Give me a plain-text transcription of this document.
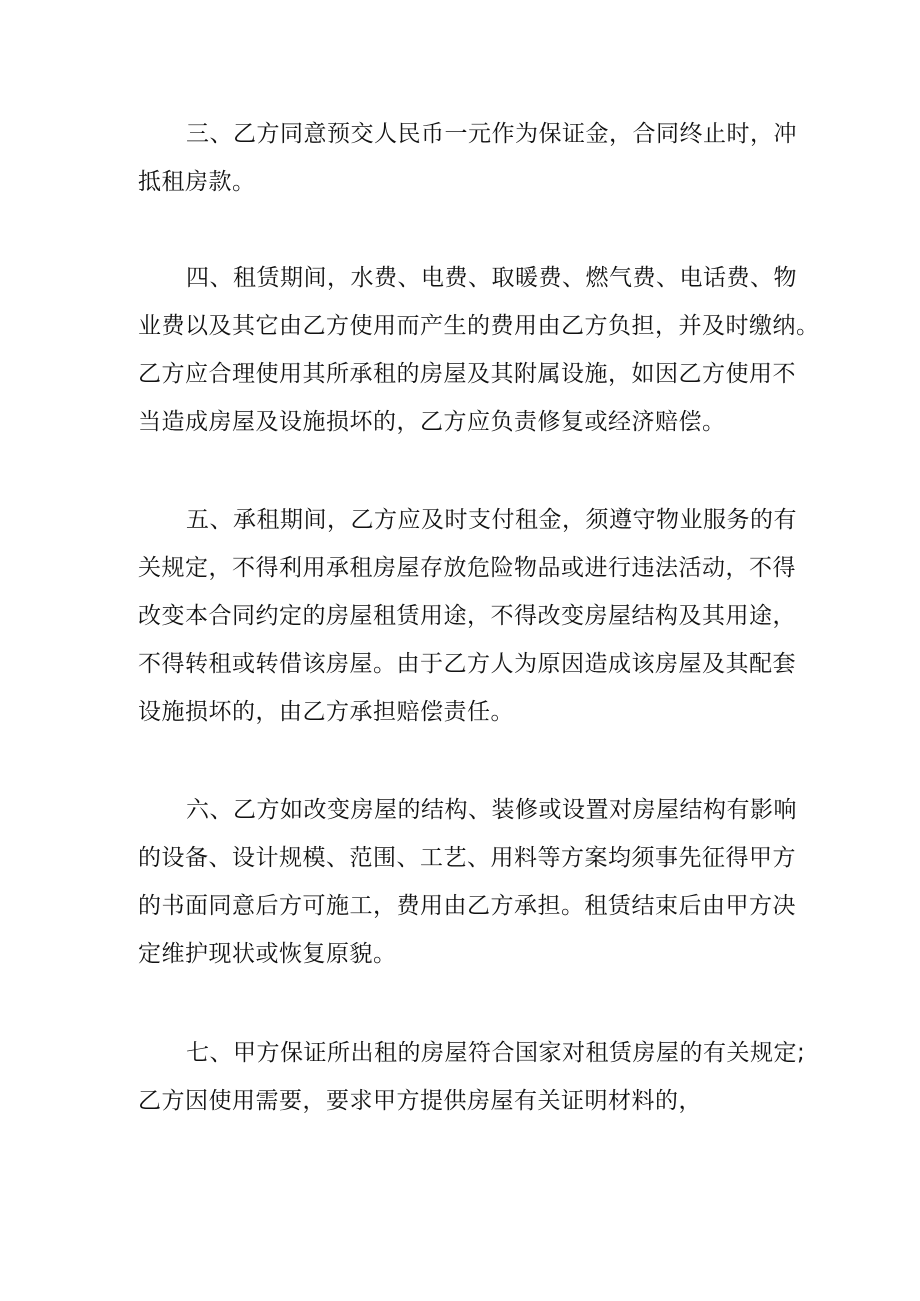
三、乙方同意预交人民币一元作为保证金，合同终止时，冲
抵租房款。
四、租赁期间，水费、电费、取暖费、燃气费、电话费、物
业费以及其它由乙方使用而产生的费用由乙方负担，并及时缴纳。
乙方应合理使用其所承租的房屋及其附属设施，如因乙方使用不
当造成房屋及设施损坏的，乙方应负责修复或经济赔偿。
五、承租期间，乙方应及时支付租金，须遵守物业服务的有
关规定，不得利用承租房屋存放危险物品或进行违法活动，不得
改变本合同约定的房屋租赁用途，不得改变房屋结构及其用途，
不得转租或转借该房屋。由于乙方人为原因造成该房屋及其配套
设施损坏的，由乙方承担赔偿责任。
六、乙方如改变房屋的结构、装修或设置对房屋结构有影响
的设备、设计规模、范围、工艺、用料等方案均须事先征得甲方
的书面同意后方可施工，费用由乙方承担。租赁结束后由甲方决
定维护现状或恢复原貌。
七、甲方保证所出租的房屋符合国家对租赁房屋的有关规定;
乙方因使用需要，要求甲方提供房屋有关证明材料的，
